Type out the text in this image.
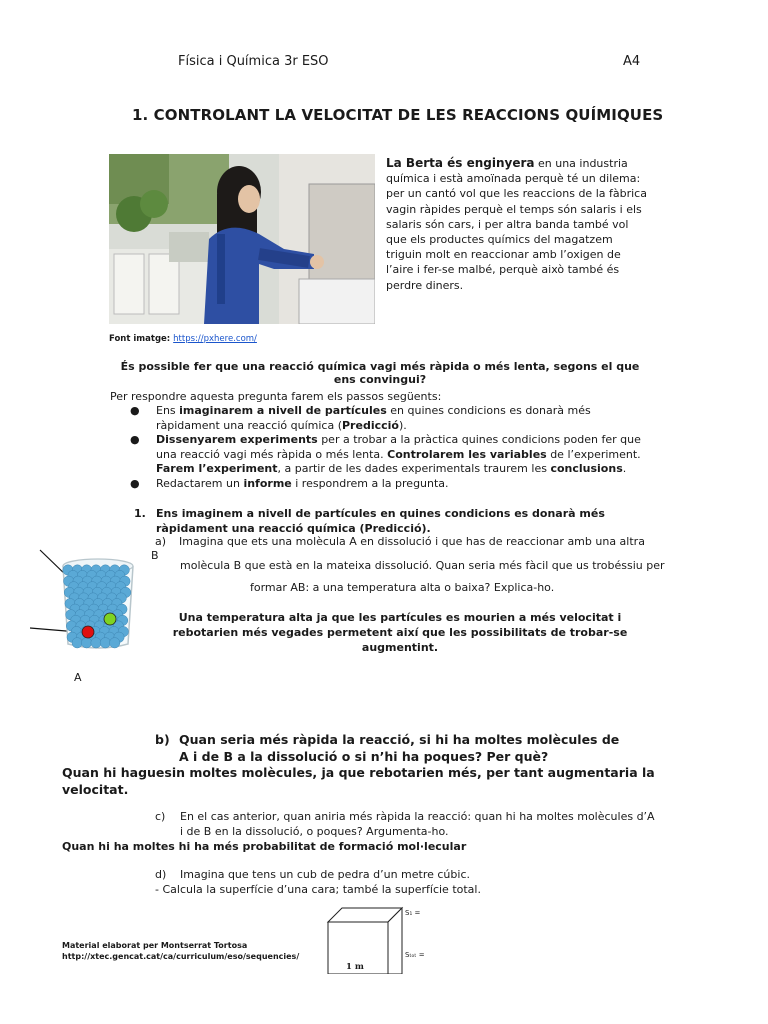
Física i Química 3r ESO	A4
1. CONTROLANT LA VELOCITAT DE LES REACCIONS QUÍMIQUES
La Berta és enginyera en una industria química i està amoïnada perquè té un dilema: per un cantó vol que les reaccions de la fàbrica vagin ràpides perquè el temps són salaris i els salaris són cars, i per altra banda també vol que els productes químics del magatzem triguin molt en reaccionar amb l’oxigen de l’aire i fer-se malbé, perquè això també és perdre diners.
Font imatge: https://pxhere.com/
És possible fer que una reacció química vagi més ràpida o més lenta, segons el que ens convingui?
Per respondre aquesta pregunta farem els passos següents:
● Ens imaginarem a nivell de partícules en quines condicions es donarà més ràpidament una reacció química (Predicció).
● Dissenyarem experiments per a trobar a la pràctica quines condicions poden fer que una reacció vagi més ràpida o més lenta. Controlarem les variables de l’experiment. Farem l’experiment, a partir de les dades experimentals traurem les conclusions.
● Redactarem un informe i respondrem a la pregunta.
1. Ens imaginem a nivell de partícules en quines condicions es donarà més ràpidament una reacció química (Predicció).
a) Imagina que ets una molècula A en dissolució i que has de reaccionar amb una altra
B
molècula B que està en la mateixa dissolució. Quan seria més fàcil que us trobéssiu per
formar AB: a una temperatura alta o baixa? Explica-ho.
Una temperatura alta ja que les partícules es mourien a més velocitat i rebotarien més vegades permetent així que les possibilitats de trobar-se augmentint.
A
b) Quan seria més ràpida la reacció, si hi ha moltes molècules de A i de B a la dissolució o si n’hi ha poques? Per què?
Quan hi haguesin moltes molècules, ja que rebotarien més, per tant augmentaria la velocitat.
c) En el cas anterior, quan aniria més ràpida la reacció: quan hi ha moltes molècules d’A i de B en la dissolució, o poques? Argumenta-ho.
Quan hi ha moltes hi ha més probabilitat de formació mol·lecular
d) Imagina que tens un cub de pedra d’un metre cúbic.
- Calcula la superfície d’una cara; també la superfície total.
S₁ =
Sₜₒₜ =
1 m
Material elaborat per Montserrat Tortosa
http://xtec.gencat.cat/ca/curriculum/eso/sequencies/
